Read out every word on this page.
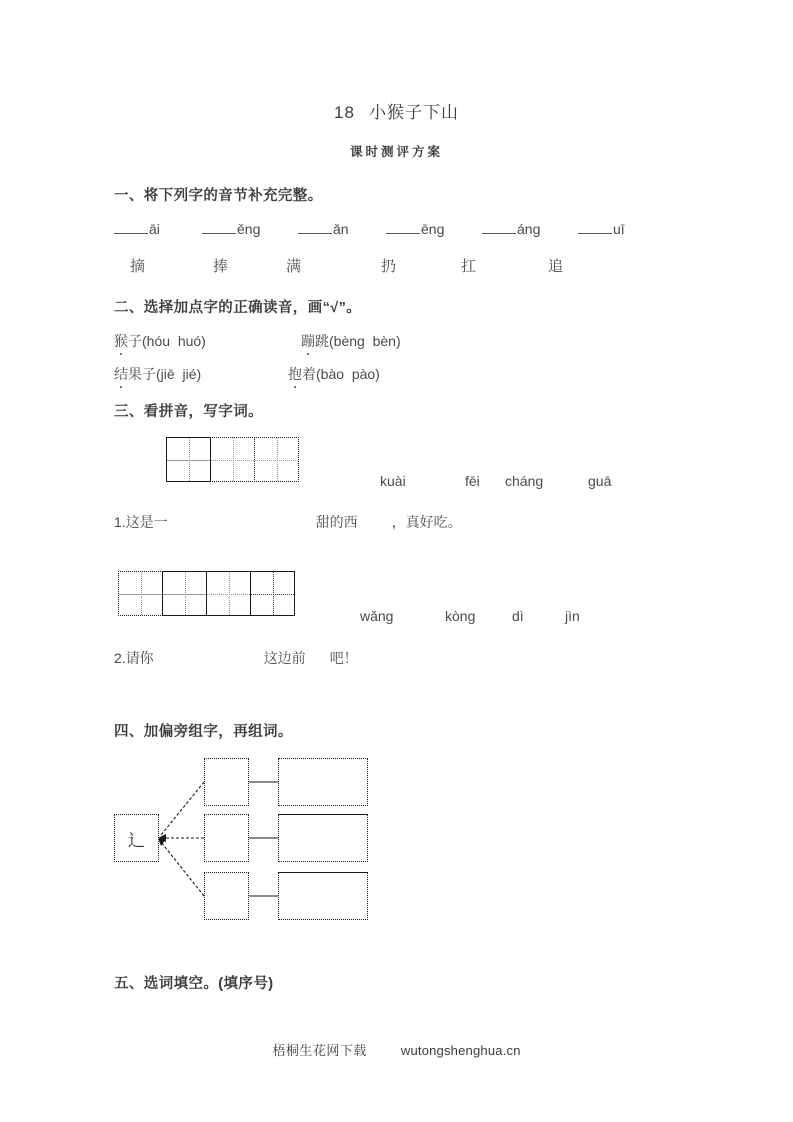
18 小猴子下山
课时测评方案
一、将下列字的音节补充完整。
āi	ěng	ǎn	ēng	áng	uī
摘	捧	满	扔	扛	追
二、选择加点字的正确读音，画“√”。
猴子(hóu huó)	蹦跳(bèng bèn)
结果子(jiē jié)	抱着(bào pào)
三、看拼音，写字词。
kuài	fēi cháng	guā
1.这是一	甜的西 ，真好吃。
wǎng	kòng	dì	jìn
2.请你	这边前 吧！
四、加偏旁组字，再组词。
辶
五、选词填空。(填序号)
梧桐生花网下载	wutongshenghua.cn
